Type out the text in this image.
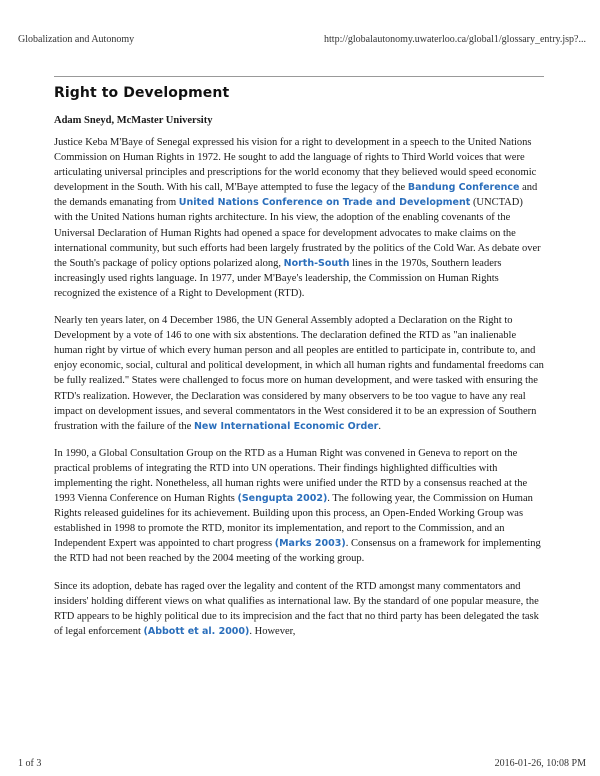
Globalization and Autonomy	http://globalautonomy.uwaterloo.ca/global1/glossary_entry.jsp?...
Right to Development
Adam Sneyd, McMaster University

Justice Keba M'Baye of Senegal expressed his vision for a right to development in a speech to the United Nations Commission on Human Rights in 1972. He sought to add the language of rights to Third World voices that were articulating universal principles and prescriptions for the world economy that they believed would speed economic development in the South. With his call, M'Baye attempted to fuse the legacy of the Bandung Conference and the demands emanating from United Nations Conference on Trade and Development (UNCTAD) with the United Nations human rights architecture. In his view, the adoption of the enabling covenants of the Universal Declaration of Human Rights had opened a space for development advocates to make claims on the international community, but such efforts had been largely frustrated by the politics of the Cold War. As debate over the South's package of policy options polarized along, North-South lines in the 1970s, Southern leaders increasingly used rights language. In 1977, under M'Baye's leadership, the Commission on Human Rights recognized the existence of a Right to Development (RTD).

Nearly ten years later, on 4 December 1986, the UN General Assembly adopted a Declaration on the Right to Development by a vote of 146 to one with six abstentions. The declaration defined the RTD as "an inalienable human right by virtue of which every human person and all peoples are entitled to participate in, contribute to, and enjoy economic, social, cultural and political development, in which all human rights and fundamental freedoms can be fully realized." States were challenged to focus more on human development, and were tasked with ensuring the RTD's realization. However, the Declaration was considered by many observers to be too vague to have any real impact on development issues, and several commentators in the West considered it to be an expression of Southern frustration with the failure of the New International Economic Order.

In 1990, a Global Consultation Group on the RTD as a Human Right was convened in Geneva to report on the practical problems of integrating the RTD into UN operations. Their findings highlighted difficulties with implementing the right. Nonetheless, all human rights were unified under the RTD by a consensus reached at the 1993 Vienna Conference on Human Rights (Sengupta 2002). The following year, the Commission on Human Rights released guidelines for its achievement. Building upon this process, an Open-Ended Working Group was established in 1998 to promote the RTD, monitor its implementation, and report to the Commission, and an Independent Expert was appointed to chart progress (Marks 2003). Consensus on a framework for implementing the RTD had not been reached by the 2004 meeting of the working group.

Since its adoption, debate has raged over the legality and content of the RTD amongst many commentators and insiders' holding different views on what qualifies as international law. By the standard of one popular measure, the RTD appears to be highly political due to its imprecision and the fact that no third party has been delegated the task of legal enforcement (Abbott et al. 2000). However,

1 of 3	2016-01-26, 10:08 PM
